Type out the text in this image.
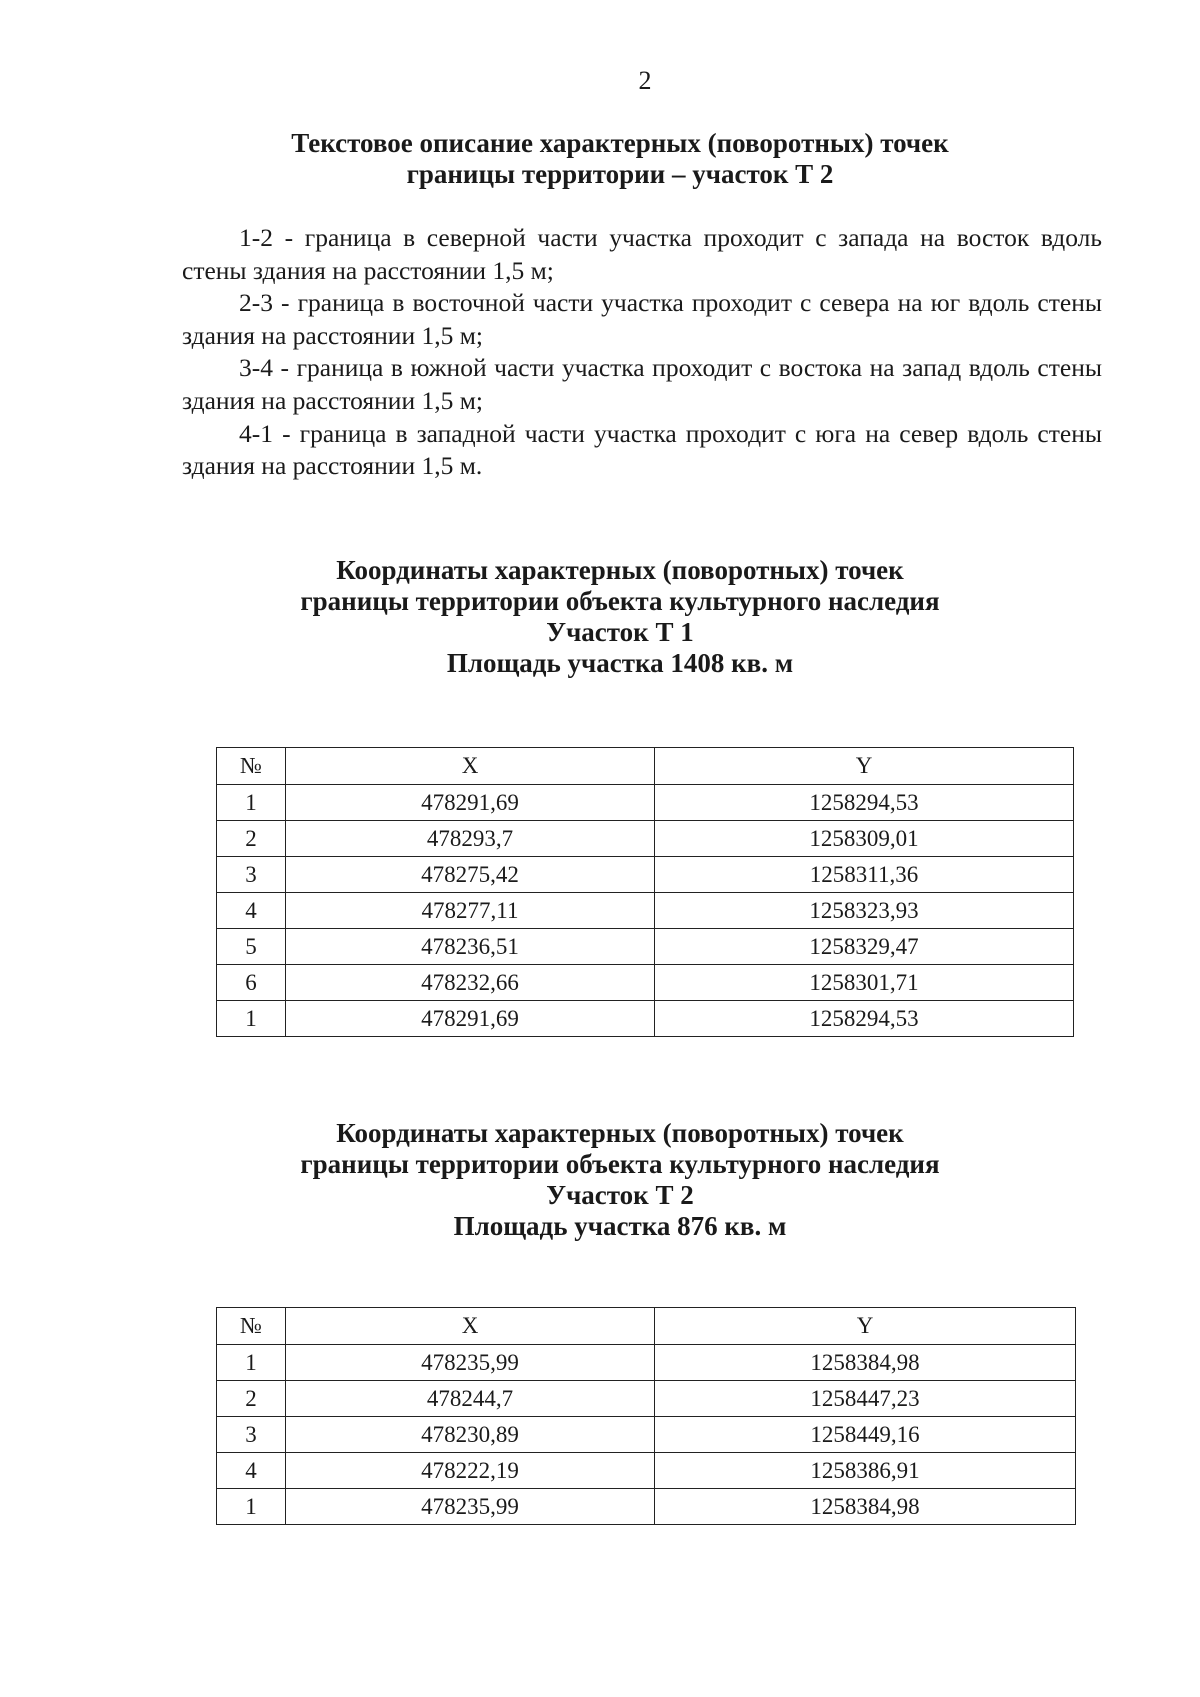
2
Текстовое описание характерных (поворотных) точек
границы территории – участок Т 2

1-2 - граница в северной части участка проходит с запада на восток вдоль стены здания на расстоянии 1,5 м;

2-3 - граница в восточной части участка проходит с севера на юг вдоль стены здания на расстоянии 1,5 м;

3-4 - граница в южной части участка проходит с востока на запад вдоль стены здания на расстоянии 1,5 м;

4-1 - граница в западной части участка проходит с юга на север вдоль стены здания на расстоянии 1,5 м.

Координаты характерных (поворотных) точек
границы территории объекта культурного наследия
Участок Т 1
Площадь участка 1408 кв. м
№	X	Y
1	478291,69	1258294,53
2	478293,7	1258309,01
3	478275,42	1258311,36
4	478277,11	1258323,93
5	478236,51	1258329,47
6	478232,66	1258301,71
1	478291,69	1258294,53
Координаты характерных (поворотных) точек
границы территории объекта культурного наследия
Участок Т 2
Площадь участка 876 кв. м
№	X	Y
1	478235,99	1258384,98
2	478244,7	1258447,23
3	478230,89	1258449,16
4	478222,19	1258386,91
1	478235,99	1258384,98
